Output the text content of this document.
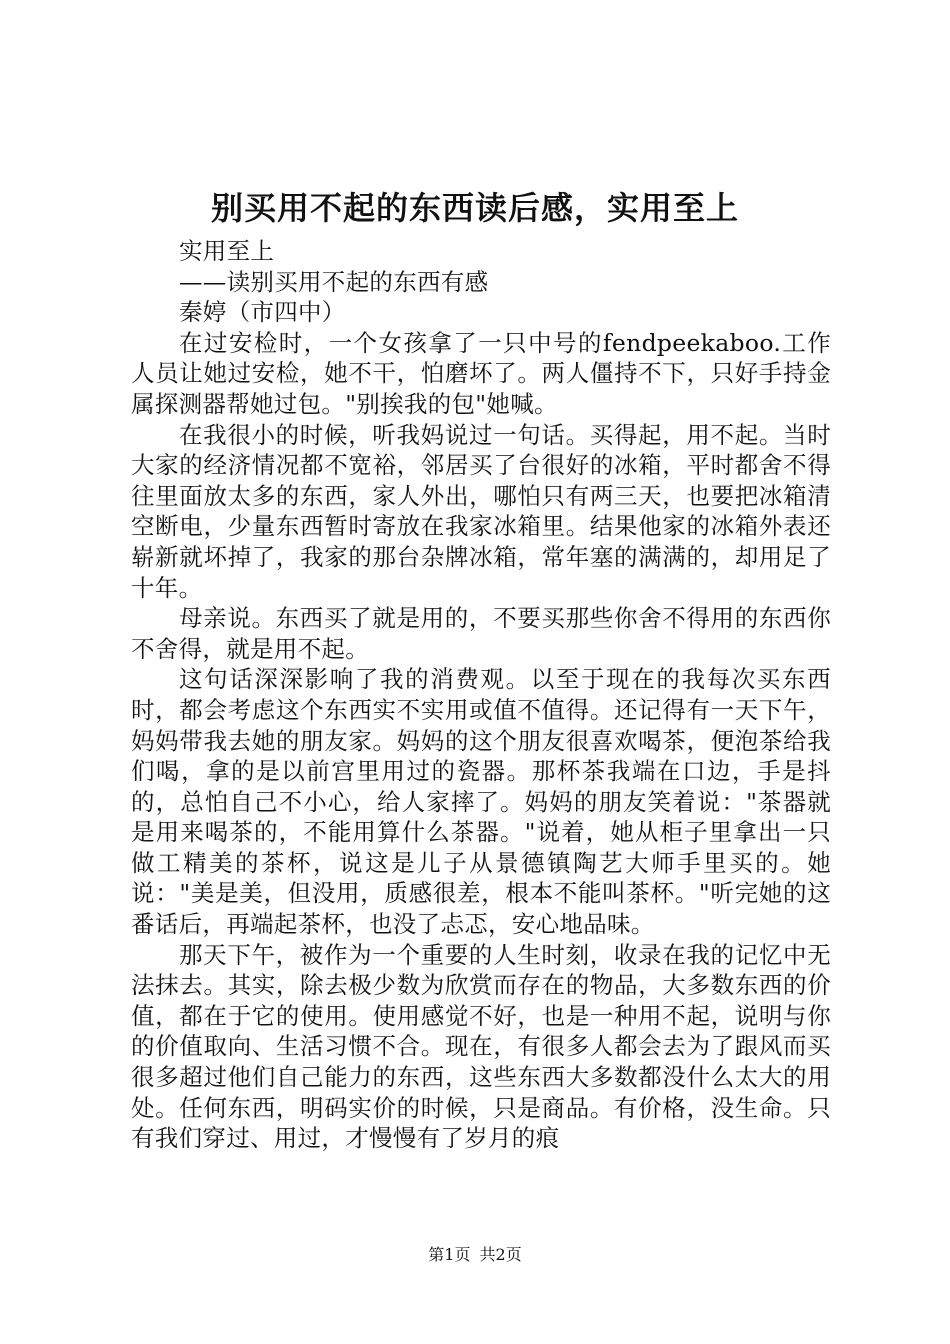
别买用不起的东西读后感，实用至上

实用至上

——读别买用不起的东西有感

秦婷（市四中）

在过安检时，一个女孩拿了一只中号的fendpeekaboo.工作人员让她过安检，她不干，怕磨坏了。两人僵持不下，只好手持金属探测器帮她过包。"别挨我的包"她喊。

在我很小的时候，听我妈说过一句话。买得起，用不起。当时大家的经济情况都不宽裕，邻居买了台很好的冰箱，平时都舍不得往里面放太多的东西，家人外出，哪怕只有两三天，也要把冰箱清空断电，少量东西暂时寄放在我家冰箱里。结果他家的冰箱外表还崭新就坏掉了，我家的那台杂牌冰箱，常年塞的满满的，却用足了十年。

母亲说。东西买了就是用的，不要买那些你舍不得用的东西你不舍得，就是用不起。

这句话深深影响了我的消费观。以至于现在的我每次买东西时，都会考虑这个东西实不实用或值不值得。还记得有一天下午，妈妈带我去她的朋友家。妈妈的这个朋友很喜欢喝茶，便泡茶给我们喝，拿的是以前宫里用过的瓷器。那杯茶我端在口边，手是抖的，总怕自己不小心，给人家摔了。妈妈的朋友笑着说："茶器就是用来喝茶的，不能用算什么茶器。"说着，她从柜子里拿出一只做工精美的茶杯，说这是儿子从景德镇陶艺大师手里买的。她说："美是美，但没用，质感很差，根本不能叫茶杯。"听完她的这番话后，再端起茶杯，也没了忐忑，安心地品味。

那天下午，被作为一个重要的人生时刻，收录在我的记忆中无法抹去。其实，除去极少数为欣赏而存在的物品，大多数东西的价值，都在于它的使用。使用感觉不好，也是一种用不起，说明与你的价值取向、生活习惯不合。现在，有很多人都会去为了跟风而买很多超过他们自己能力的东西，这些东西大多数都没什么太大的用处。任何东西，明码实价的时候，只是商品。有价格，没生命。只有我们穿过、用过，才慢慢有了岁月的痕

第1页 共2页
